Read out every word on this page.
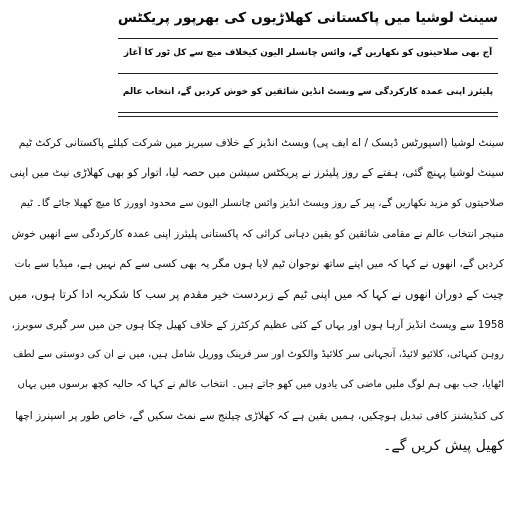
سینٹ لوشیا میں پاکستانی کھلاڑیوں کی بھرپور پریکٹس
آج بھی صلاحیتوں کو نکھاریں گے، وائس چانسلر الیون کیخلاف میچ سے کل ٹور کا آغاز
پلیئرز اپنی عمدہ کارکردگی سے ویسٹ انڈین شائقین کو خوش کردیں گے، انتخاب عالم
سینٹ لوشیا (اسپورٹس ڈیسک / اے ایف پی) ویسٹ انڈیز کے خلاف سیریز میں شرکت کیلئے پاکستانی کرکٹ ٹیم
سینٹ لوشیا پہنچ گئی، ہفتے کے روز پلیئرز نے پریکٹس سیشن میں حصہ لیا، اتوار کو بھی کھلاڑی نیٹ میں اپنی
صلاحیتوں کو مزید نکھاریں گے، پیر کے روز ویسٹ انڈیز وائس چانسلر الیون سے محدود اوورز کا میچ کھیلا جائے گا۔ ٹیم
منیجر انتخاب عالم نے مقامی شائقین کو یقین دہانی کرائی کہ پاکستانی پلیئرز اپنی عمدہ کارکردگی سے انھیں خوش
کردیں گے، انھوں نے کہا کہ میں اپنے ساتھ نوجوان ٹیم لایا ہوں مگر یہ بھی کسی سے کم نہیں ہے، میڈیا سے بات
چیت کے دوران انھوں نے کہا کہ میں اپنی ٹیم کے زبردست خیر مقدم پر سب کا شکریہ ادا کرتا ہوں، میں
1958 سے ویسٹ انڈیز آرہا ہوں اور یہاں کے کئی عظیم کرکٹرز کے خلاف کھیل چکا ہوں جن میں سر گیری سوبرز،
روہن کنہائی، کلائیو لائیڈ، آنجہانی سر کلائیڈ والکوٹ اور سر فرینک ووریل شامل ہیں، میں نے ان کی دوستی سے لطف
اٹھایا، جب بھی ہم لوگ ملیں ماضی کی یادوں میں کھو جاتے ہیں۔ انتخاب عالم نے کہا کہ حالیہ کچھ برسوں میں یہاں
کی کنڈیشنز کافی تبدیل ہوچکیں، ہمیں یقین ہے کہ کھلاڑی چیلنج سے نمٹ سکیں گے، خاص طور پر اسپنرز اچھا
کھیل پیش کریں گے۔
